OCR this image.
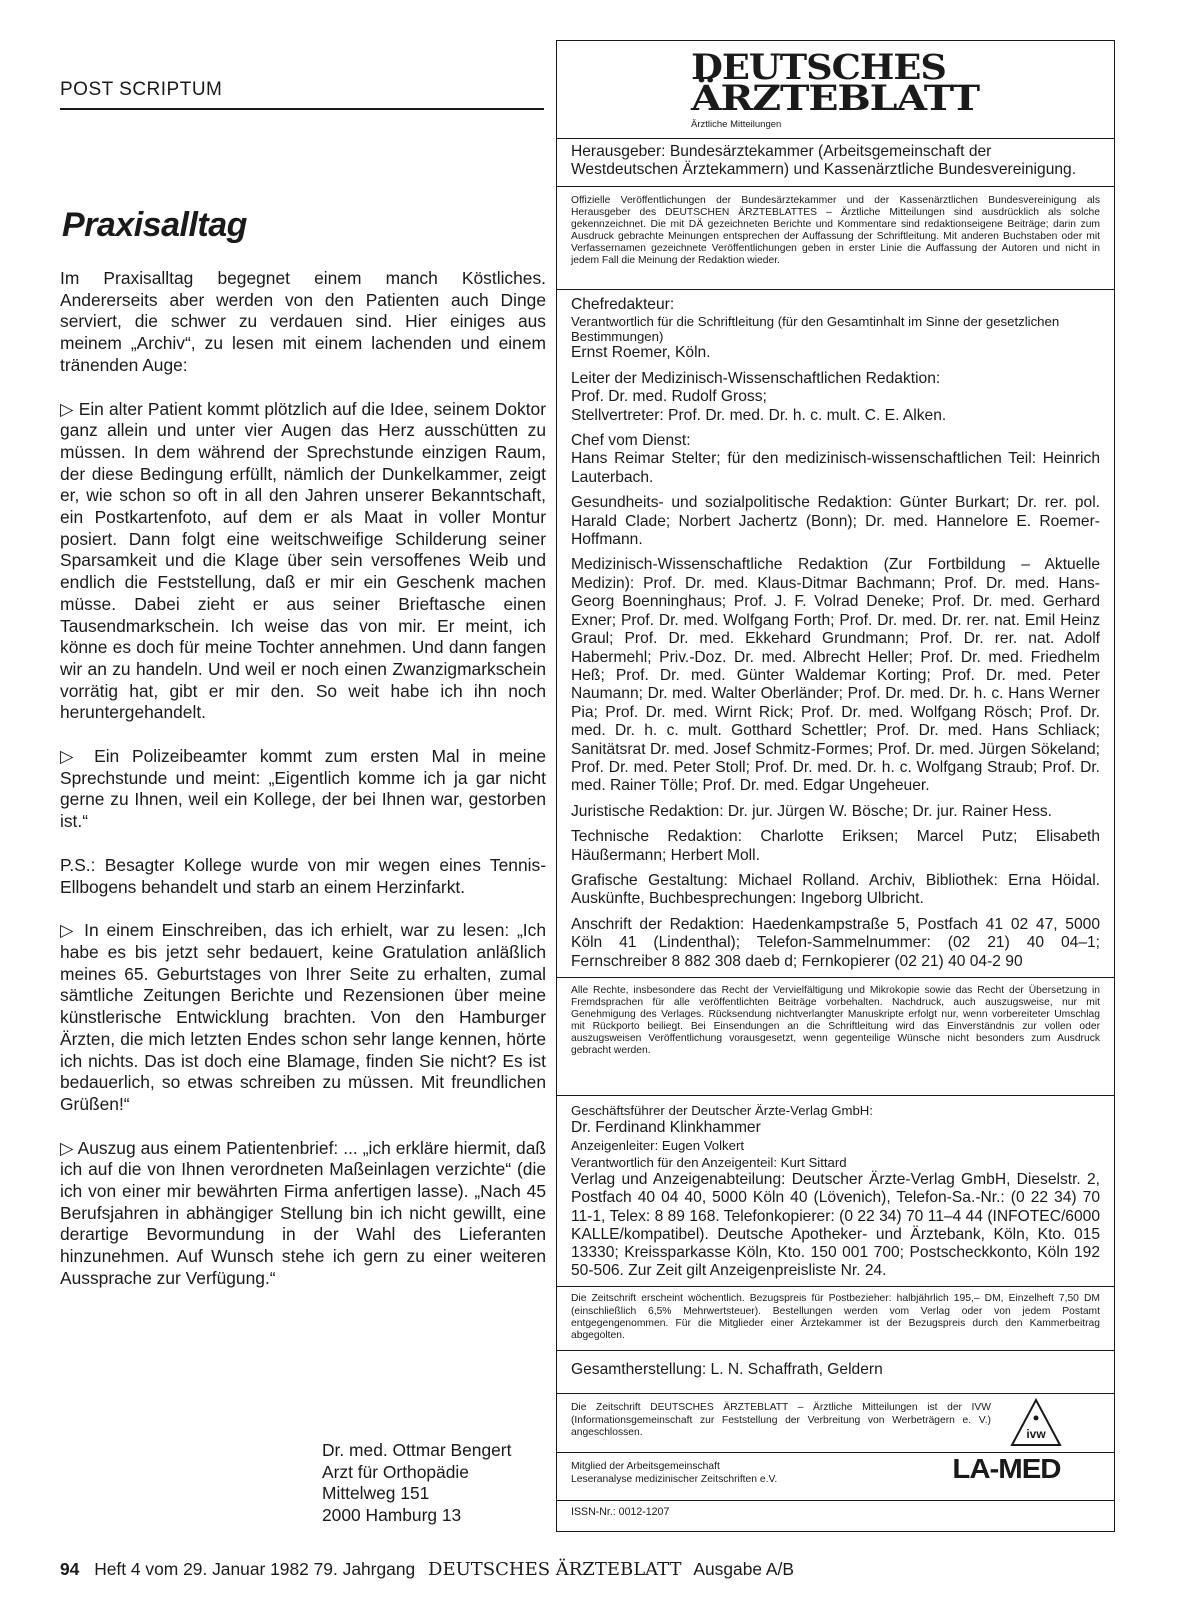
POST SCRIPTUM
Praxisalltag

Im Praxisalltag begegnet einem manch Köstliches. Andererseits aber werden von den Patienten auch Dinge serviert, die schwer zu verdauen sind. Hier einiges aus meinem „Archiv“, zu lesen mit einem lachenden und einem tränenden Auge:

▷ Ein alter Patient kommt plötzlich auf die Idee, seinem Doktor ganz allein und unter vier Augen das Herz ausschütten zu müssen. In dem während der Sprechstunde einzigen Raum, der diese Bedingung erfüllt, nämlich der Dunkelkammer, zeigt er, wie schon so oft in all den Jahren unserer Bekanntschaft, ein Postkartenfoto, auf dem er als Maat in voller Montur posiert. Dann folgt eine weitschweifige Schilderung seiner Sparsamkeit und die Klage über sein versoffenes Weib und endlich die Feststellung, daß er mir ein Geschenk machen müsse. Dabei zieht er aus seiner Brieftasche einen Tausendmarkschein. Ich weise das von mir. Er meint, ich könne es doch für meine Tochter annehmen. Und dann fangen wir an zu handeln. Und weil er noch einen Zwanzigmarkschein vorrätig hat, gibt er mir den. So weit habe ich ihn noch heruntergehandelt.

▷ Ein Polizeibeamter kommt zum ersten Mal in meine Sprechstunde und meint: „Eigentlich komme ich ja gar nicht gerne zu Ihnen, weil ein Kollege, der bei Ihnen war, gestorben ist.“

P.S.: Besagter Kollege wurde von mir wegen eines Tennis-Ellbogens behandelt und starb an einem Herzinfarkt.

▷ In einem Einschreiben, das ich erhielt, war zu lesen: „Ich habe es bis jetzt sehr bedauert, keine Gratulation anläßlich meines 65. Geburtstages von Ihrer Seite zu erhalten, zumal sämtliche Zeitungen Berichte und Rezensionen über meine künstlerische Entwicklung brachten. Von den Hamburger Ärzten, die mich letzten Endes schon sehr lange kennen, hörte ich nichts. Das ist doch eine Blamage, finden Sie nicht? Es ist bedauerlich, so etwas schreiben zu müssen. Mit freundlichen Grüßen!“

▷ Auszug aus einem Patientenbrief: ... „ich erkläre hiermit, daß ich auf die von Ihnen verordneten Maßeinlagen verzichte“ (die ich von einer mir bewährten Firma anfertigen lasse). „Nach 45 Berufsjahren in abhängiger Stellung bin ich nicht gewillt, eine derartige Bevormundung in der Wahl des Lieferanten hinzunehmen. Auf Wunsch stehe ich gern zu einer weiteren Aussprache zur Verfügung.“

Dr. med. Ottmar Bengert
Arzt für Orthopädie
Mittelweg 151
2000 Hamburg 13
DEUTSCHES
ÄRZTEBLATT
Ärztliche Mitteilungen
Herausgeber: Bundesärztekammer (Arbeitsgemeinschaft der Westdeutschen Ärztekammern) und Kassenärztliche Bundesvereinigung.
Offizielle Veröffentlichungen der Bundesärztekammer und der Kassenärztlichen Bundesvereinigung als Herausgeber des DEUTSCHEN ÄRZTEBLATTES – Ärztliche Mitteilungen sind ausdrücklich als solche gekennzeichnet. Die mit DÄ gezeichneten Berichte und Kommentare sind redaktionseigene Beiträge; darin zum Ausdruck gebrachte Meinungen entsprechen der Auffassung der Schriftleitung. Mit anderen Buchstaben oder mit Verfassernamen gezeichnete Veröffentlichungen geben in erster Linie die Auffassung der Autoren und nicht in jedem Fall die Meinung der Redaktion wieder.
Chefredakteur:
Verantwortlich für die Schriftleitung (für den Gesamtinhalt im Sinne der gesetzlichen Bestimmungen)

Ernst Roemer, Köln.

Leiter der Medizinisch-Wissenschaftlichen Redaktion:
Prof. Dr. med. Rudolf Gross;

Stellvertreter: Prof. Dr. med. Dr. h. c. mult. C. E. Alken.

Chef vom Dienst:

Hans Reimar Stelter; für den medizinisch-wissenschaftlichen Teil: Heinrich Lauterbach.

Gesundheits- und sozialpolitische Redaktion: Günter Burkart; Dr. rer. pol. Harald Clade; Norbert Jachertz (Bonn); Dr. med. Hannelore E. Roemer-Hoffmann.

Medizinisch-Wissenschaftliche Redaktion (Zur Fortbildung – Aktuelle Medizin): Prof. Dr. med. Klaus-Ditmar Bachmann; Prof. Dr. med. Hans-Georg Boenninghaus; Prof. J. F. Volrad Deneke; Prof. Dr. med. Gerhard Exner; Prof. Dr. med. Wolfgang Forth; Prof. Dr. med. Dr. rer. nat. Emil Heinz Graul; Prof. Dr. med. Ekkehard Grundmann; Prof. Dr. rer. nat. Adolf Habermehl; Priv.-Doz. Dr. med. Albrecht Heller; Prof. Dr. med. Friedhelm Heß; Prof. Dr. med. Günter Waldemar Korting; Prof. Dr. med. Peter Naumann; Dr. med. Walter Oberländer; Prof. Dr. med. Dr. h. c. Hans Werner Pia; Prof. Dr. med. Wirnt Rick; Prof. Dr. med. Wolfgang Rösch; Prof. Dr. med. Dr. h. c. mult. Gotthard Schettler; Prof. Dr. med. Hans Schliack; Sanitätsrat Dr. med. Josef Schmitz-Formes; Prof. Dr. med. Jürgen Sökeland; Prof. Dr. med. Peter Stoll; Prof. Dr. med. Dr. h. c. Wolfgang Straub; Prof. Dr. med. Rainer Tölle; Prof. Dr. med. Edgar Ungeheuer.

Juristische Redaktion: Dr. jur. Jürgen W. Bösche; Dr. jur. Rainer Hess.

Technische Redaktion: Charlotte Eriksen; Marcel Putz; Elisabeth Häußermann; Herbert Moll.

Grafische Gestaltung: Michael Rolland. Archiv, Bibliothek: Erna Höidal. Auskünfte, Buchbesprechungen: Ingeborg Ulbricht.

Anschrift der Redaktion: Haedenkampstraße 5, Postfach 41 02 47, 5000 Köln 41 (Lindenthal); Telefon-Sammelnummer: (02 21) 40 04–1; Fernschreiber 8 882 308 daeb d; Fernkopierer (02 21) 40 04-2 90

Alle Rechte, insbesondere das Recht der Vervielfältigung und Mikrokopie sowie das Recht der Übersetzung in Fremdsprachen für alle veröffentlichten Beiträge vorbehalten. Nachdruck, auch auszugsweise, nur mit Genehmigung des Verlages. Rücksendung nichtverlangter Manuskripte erfolgt nur, wenn vorbereiteter Umschlag mit Rückporto beiliegt. Bei Einsendungen an die Schriftleitung wird das Einverständnis zur vollen oder auszugsweisen Veröffentlichung vorausgesetzt, wenn gegenteilige Wünsche nicht besonders zum Ausdruck gebracht werden.
Geschäftsführer der Deutscher Ärzte-Verlag GmbH:
Dr. Ferdinand Klinkhammer
Anzeigenleiter: Eugen Volkert
Verantwortlich für den Anzeigenteil: Kurt Sittard
Verlag und Anzeigenabteilung: Deutscher Ärzte-Verlag GmbH, Dieselstr. 2, Postfach 40 04 40, 5000 Köln 40 (Lövenich), Telefon-Sa.-Nr.: (0 22 34) 70 11-1, Telex: 8 89 168. Telefonkopierer: (0 22 34) 70 11–4 44 (INFOTEC/6000 KALLE/kompatibel). Deutsche Apotheker- und Ärztebank, Köln, Kto. 015 13330; Kreissparkasse Köln, Kto. 150 001 700; Postscheckkonto, Köln 192 50-506. Zur Zeit gilt Anzeigenpreisliste Nr. 24.
Die Zeitschrift erscheint wöchentlich. Bezugspreis für Postbezieher: halbjährlich 195,– DM, Einzelheft 7,50 DM (einschließlich 6,5% Mehrwertsteuer). Bestellungen werden vom Verlag oder von jedem Postamt entgegengenommen. Für die Mitglieder einer Ärztekammer ist der Bezugspreis durch den Kammerbeitrag abgegolten.
Gesamtherstellung: L. N. Schaffrath, Geldern
Die Zeitschrift DEUTSCHES ÄRZTEBLATT – Ärztliche Mitteilungen ist der IVW (Informationsgemeinschaft zur Feststellung der Verbreitung von Werbeträgern e. V.) angeschlossen.	ivw
Mitglied der Arbeitsgemeinschaft
Leseranalyse medizinischer Zeitschriften e.V.	LA-MED
ISSN-Nr.: 0012-1207
94 Heft 4 vom 29. Januar 1982 79. Jahrgang DEUTSCHES ÄRZTEBLATT Ausgabe A/B
